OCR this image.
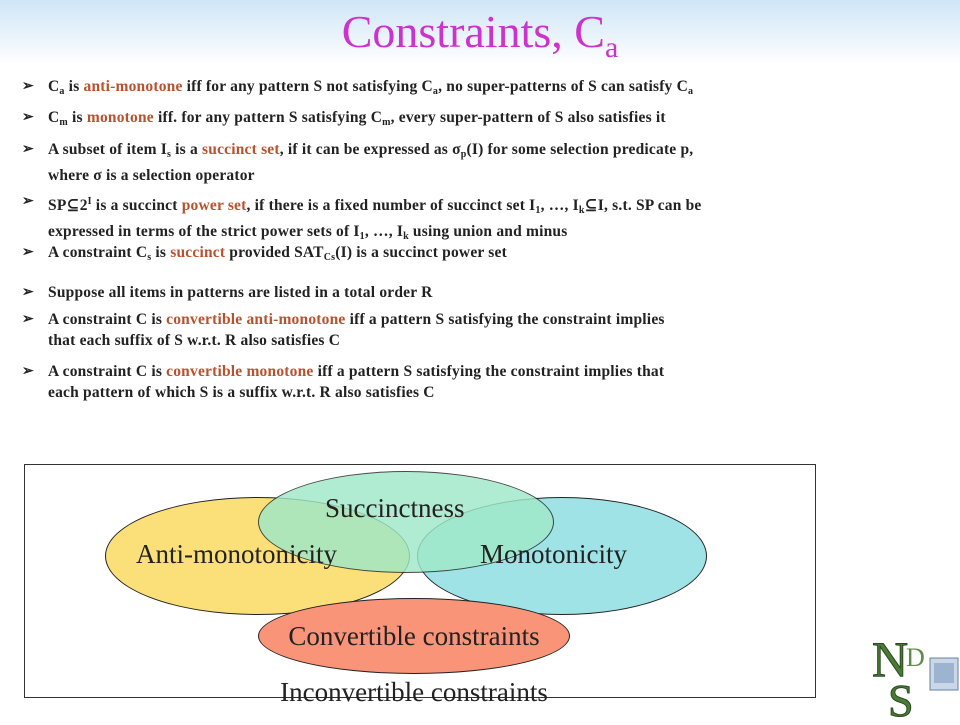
Constraints, $C_a$
➢ $C_a$ is anti-monotone iff for any pattern S not satisfying $C_a$, no super-patterns of S can satisfy $C_a$
➢ $C_m$ is monotone iff. for any pattern S satisfying $C_m$, every super-pattern of S also satisfies it
➢ A subset of item $I_s$ is a succinct set, if it can be expressed as $\sigma_p(I)$ for some selection predicate p,
where σ is a selection operator
➢ $SP⊆2^I$ is a succinct power set, if there is a fixed number of succinct set $I_1$, …, $I_k⊆I$, s.t. SP can be
expressed in terms of the strict power sets of $I_1$, …, $I_k$ using union and minus
➢ A constraint $C_s$ is succinct provided $SAT_{Cs}(I)$ is a succinct power set
➢ Suppose all items in patterns are listed in a total order R
➢ A constraint C is convertible anti-monotone iff a pattern S satisfying the constraint implies
that each suffix of S w.r.t. R also satisfies C
➢ A constraint C is convertible monotone iff a pattern S satisfying the constraint implies that
each pattern of which S is a suffix w.r.t. R also satisfies C
Anti-monotonicity	Monotonicity
Succinctness
Convertible constraints
Inconvertible constraints
N
D
S
